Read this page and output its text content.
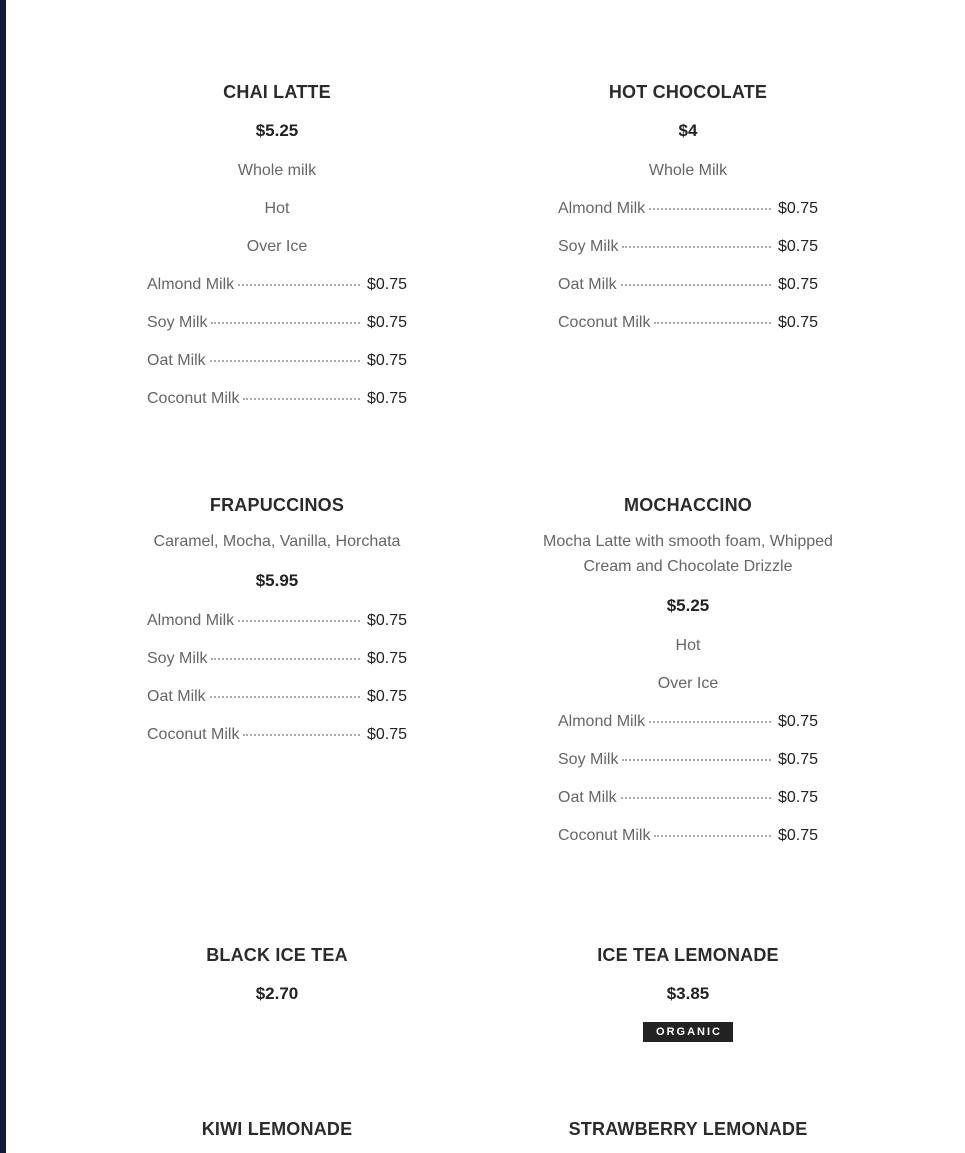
CHAI LATTE
$5.25
Whole milk
Hot
Over Ice
Almond Milk	$0.75
Soy Milk	$0.75
Oat Milk	$0.75
Coconut Milk	$0.75
HOT CHOCOLATE
$4
Whole Milk
Almond Milk	$0.75
Soy Milk	$0.75
Oat Milk	$0.75
Coconut Milk	$0.75
FRAPUCCINOS
Caramel, Mocha, Vanilla, Horchata
$5.95
Almond Milk	$0.75
Soy Milk	$0.75
Oat Milk	$0.75
Coconut Milk	$0.75
MOCHACCINO
Mocha Latte with smooth foam, Whipped Cream and Chocolate Drizzle
$5.25
Hot
Over Ice
Almond Milk	$0.75
Soy Milk	$0.75
Oat Milk	$0.75
Coconut Milk	$0.75
BLACK ICE TEA
$2.70
ICE TEA LEMONADE
$3.85
ORGANIC
KIWI LEMONADE	STRAWBERRY LEMONADE
